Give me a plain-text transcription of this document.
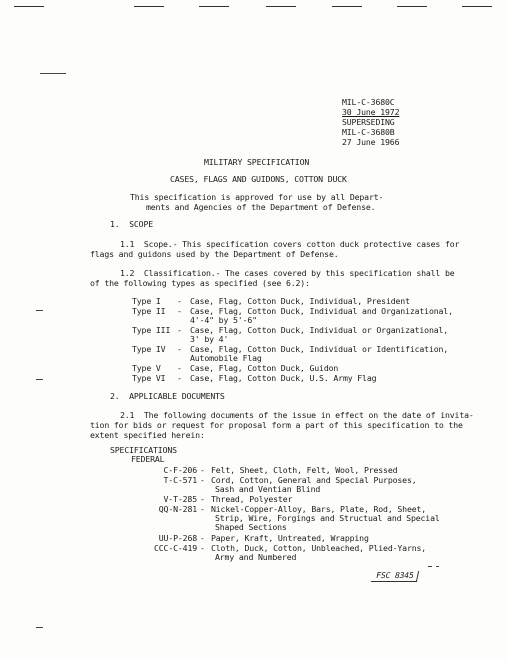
MIL-C-3680C
30 June 1972
SUPERSEDING
MIL-C-3680B
27 June 1966
MILITARY SPECIFICATION
CASES, FLAGS AND GUIDONS, COTTON DUCK
This specification is approved for use by all Depart-
ments and Agencies of the Department of Defense.
1.  SCOPE
1.1  Scope.- This specification covers cotton duck protective cases for
flags and guidons used by the Department of Defense.
1.2  Classification.- The cases covered by this specification shall be
of the following types as specified (see 6.2):
Type I - Case, Flag, Cotton Duck, Individual, President
Type II - Case, Flag, Cotton Duck, Individual and Organizational,
4'-4" by 5'-6"
Type III - Case, Flag, Cotton Duck, Individual or Organizational,
3' by 4'
Type IV - Case, Flag, Cotton Duck, Individual or Identification,
Automobile Flag
Type V - Case, Flag, Cotton Duck, Guidon
Type VI - Case, Flag, Cotton Duck, U.S. Army Flag
2.  APPLICABLE DOCUMENTS
2.1  The following documents of the issue in effect on the date of invita-
tion for bids or request for proposal form a part of this specification to the
extent specified herein:
SPECIFICATIONS
FEDERAL
C-F-206 - Felt, Sheet, Cloth, Felt, Wool, Pressed
T-C-571 - Cord, Cotton, General and Special Purposes,
Sash and Ventian Blind
V-T-285 - Thread, Polyester
QQ-N-281 - Nickel-Copper-Alloy, Bars, Plate, Rod, Sheet,
Strip, Wire, Forgings and Structual and Special
Shaped Sections
UU-P-268 - Paper, Kraft, Untreated, Wrapping
CCC-C-419 - Cloth, Duck, Cotton, Unbleached, Plied-Yarns,
Army and Numbered
FSC 8345
